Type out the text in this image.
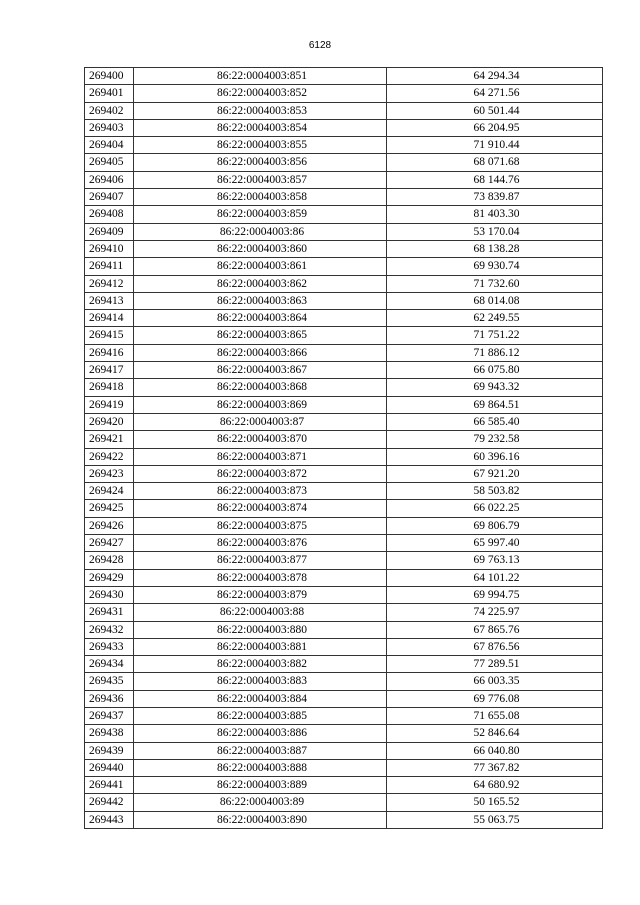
6128
269400	86:22:0004003:851	64 294.34
269401	86:22:0004003:852	64 271.56
269402	86:22:0004003:853	60 501.44
269403	86:22:0004003:854	66 204.95
269404	86:22:0004003:855	71 910.44
269405	86:22:0004003:856	68 071.68
269406	86:22:0004003:857	68 144.76
269407	86:22:0004003:858	73 839.87
269408	86:22:0004003:859	81 403.30
269409	86:22:0004003:86	53 170.04
269410	86:22:0004003:860	68 138.28
269411	86:22:0004003:861	69 930.74
269412	86:22:0004003:862	71 732.60
269413	86:22:0004003:863	68 014.08
269414	86:22:0004003:864	62 249.55
269415	86:22:0004003:865	71 751.22
269416	86:22:0004003:866	71 886.12
269417	86:22:0004003:867	66 075.80
269418	86:22:0004003:868	69 943.32
269419	86:22:0004003:869	69 864.51
269420	86:22:0004003:87	66 585.40
269421	86:22:0004003:870	79 232.58
269422	86:22:0004003:871	60 396.16
269423	86:22:0004003:872	67 921.20
269424	86:22:0004003:873	58 503.82
269425	86:22:0004003:874	66 022.25
269426	86:22:0004003:875	69 806.79
269427	86:22:0004003:876	65 997.40
269428	86:22:0004003:877	69 763.13
269429	86:22:0004003:878	64 101.22
269430	86:22:0004003:879	69 994.75
269431	86:22:0004003:88	74 225.97
269432	86:22:0004003:880	67 865.76
269433	86:22:0004003:881	67 876.56
269434	86:22:0004003:882	77 289.51
269435	86:22:0004003:883	66 003.35
269436	86:22:0004003:884	69 776.08
269437	86:22:0004003:885	71 655.08
269438	86:22:0004003:886	52 846.64
269439	86:22:0004003:887	66 040.80
269440	86:22:0004003:888	77 367.82
269441	86:22:0004003:889	64 680.92
269442	86:22:0004003:89	50 165.52
269443	86:22:0004003:890	55 063.75
